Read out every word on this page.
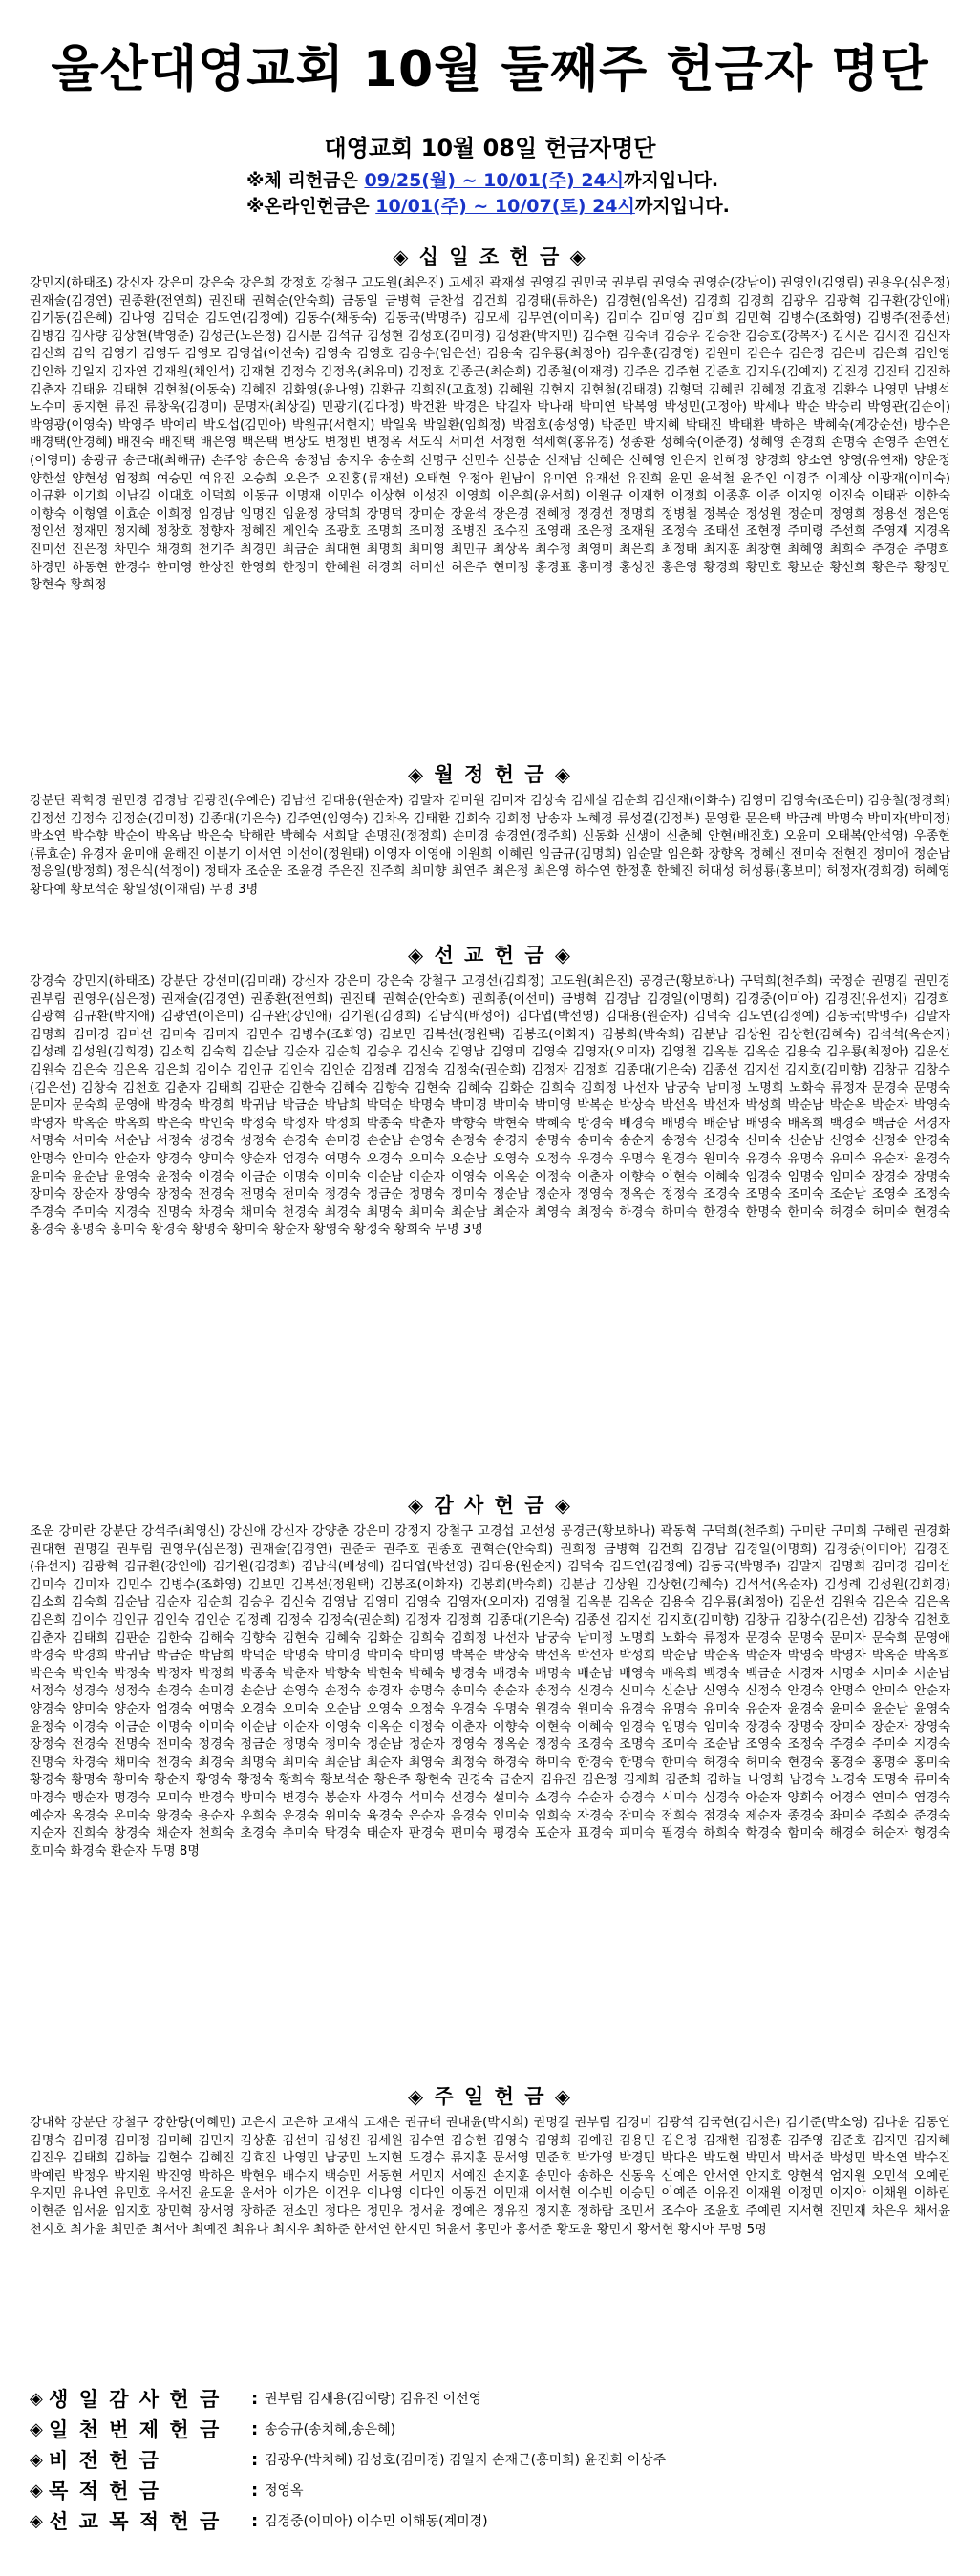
울산대영교회 10월 둘째주 헌금자 명단
대영교회 10월 08일 헌금자명단
※체 리헌금은 09/25(월) ~ 10/01(주) 24시까지입니다.
※온라인헌금은 10/01(주) ~ 10/07(토) 24시까지입니다.
◈ 십 일 조 헌 금 ◈
강민지(하태조) 강신자 강은미 강은숙 강은희 강정호 강철구 고도원(최은진) 고세진 곽재설 권영길 권민국 권부림 권영숙 권영순(강남이) 권영인(김영림) 권용우(심은정) 권재술(김경연) 권종환(전연희) 권진태 권혁순(안숙희) 금동일 금병혁 금찬섭 김건희 김경태(류하은) 김경현(임옥선) 김경희 김경희 김광우 김광혁 김규환(강인애) 김기동(김은혜) 김나영 김덕순 김도연(김정예) 김동수(채동숙) 김동국(박명주) 김모세 김무연(이미옥) 김미수 김미영 김미희 김민혁 김병수(조화영) 김병주(전종선) 김병김 김사량 김상현(박영준) 김성근(노은정) 김시분 김석규 김성현 김성호(김미경) 김성환(박지민) 김수현 김숙녀 김승우 김승찬 김승호(강복자) 김시은 김시진 김신자 김신희 김익 김영기 김영두 김영모 김영섭(이선숙) 김영숙 김영호 김용수(임은선) 김용숙 김우룡(최정아) 김우훈(김경영) 김원미 김은수 김은정 김은비 김은희 김인영 김인하 김일지 김자연 김재원(채인석) 김재현 김정숙 김정옥(최유미) 김정호 김종근(최순희) 김종철(이재경) 김주은 김주현 김준호 김지우(김예지) 김진경 김진태 김진하 김춘자 김태윤 김태현 김현철(이동숙) 김혜진 김화영(윤나영) 김환규 김희진(고효정) 김혜원 김현지 김현철(김태경) 김형덕 김혜린 김혜정 김효정 김환수 나영민 남병석 노수미 동지현 류진 류창욱(김경미) 문명자(최상길) 민광기(김다정) 박건환 박경은 박길자 박나래 박미연 박복영 박성민(고정아) 박세나 박순 박승리 박영관(김순이) 박영광(이영숙) 박영주 박예리 박오섭(김민아) 박원규(서현지) 박일욱 박일환(임희정) 박점호(송성영) 박준민 박지혜 박태진 박태환 박하은 박혜숙(계강순선) 방수은 배경택(안경혜) 배진숙 배진택 배은영 백은택 변상도 변정빈 변정옥 서도식 서미선 서정헌 석세혁(홍유경) 성종환 성혜숙(이춘경) 성혜영 손경희 손명숙 손영주 손연선(이영미) 송광규 송근대(최해규) 손주양 송은옥 송정남 송지우 송순희 신명구 신민수 신봉순 신재남 신혜은 신혜영 안은지 안혜정 양경희 양소연 양영(유연재) 양운정 양한설 양현성 엄정희 여승민 여유진 오승희 오은주 오진홍(류재선) 오태현 우정아 원남이 유미연 유재선 유진희 윤민 윤석철 윤주인 이경주 이계상 이광재(이미숙) 이규환 이기희 이남길 이대호 이덕희 이동규 이명재 이민수 이상현 이성진 이영희 이은희(윤서희) 이원규 이재헌 이정희 이종훈 이준 이지영 이진숙 이태관 이한숙 이향숙 이형열 이효순 이희정 임경남 임명진 임윤정 장덕희 장명덕 장미순 장윤석 장은경 전혜정 정경선 정명희 정병철 정복순 정성원 정순미 정영희 정용선 정은영 정인선 정재민 정지혜 정창호 정향자 정혜진 제인숙 조광호 조명희 조미정 조병진 조수진 조영래 조은정 조재원 조정숙 조태선 조현정 주미령 주선희 주영재 지경옥 진미선 진은정 차민수 채경희 천기주 최경민 최금순 최대현 최명희 최미영 최민규 최상옥 최수정 최영미 최은희 최정태 최지훈 최창현 최혜영 최희숙 추경순 추명희 하경민 하동현 한경수 한미영 한상진 한영희 한정미 한혜원 허경희 허미선 허은주 현미정 홍경표 홍미경 홍성진 홍은영 황경희 황민호 황보순 황선희 황은주 황정민 황현숙 황희정
◈ 월 정 헌 금 ◈
강분단 곽학경 권민경 김경남 김광진(우예은) 김남선 김대용(원순자) 김말자 김미원 김미자 김상숙 김세실 김순희 김신재(이화수) 김영미 김영숙(조은미) 김용철(정경희) 김정선 김정숙 김정순(김미정) 김종대(기은숙) 김주연(임영숙) 김차옥 김태환 김희숙 김희정 남송자 노혜경 류성걸(김정복) 문영환 문은택 박금례 박명숙 박미자(박미정) 박소연 박수향 박순이 박옥남 박은숙 박해란 박혜숙 서희달 손명진(정정희) 손미경 송경연(정주희) 신동화 신생이 신춘혜 안현(배진호) 오윤미 오태복(안석영) 우종현(류효순) 유경자 윤미애 윤해진 이분기 이서연 이선이(정원태) 이영자 이영애 이원희 이혜린 임금규(김명희) 임순말 임은화 장향옥 정혜신 전미숙 전현진 정미애 정순남 정응일(방정희) 정은식(석정이) 정태자 조순운 조윤경 주은진 진주희 최미향 최연주 최은정 최은영 하수연 한정훈 한혜진 허대성 허성룡(홍보미) 허정자(경희경) 허혜영 황다예 황보석순 황일성(이재림) 무명 3명
◈ 선 교 헌 금 ◈
강경숙 강민지(하태조) 강분단 강선미(김미래) 강신자 강은미 강은숙 강철구 고경선(김희정) 고도원(최은진) 공경근(황보하나) 구덕희(천주희) 국정순 권명길 권민경 권부림 권영우(심은정) 권재술(김경연) 권종환(전연희) 권진태 권혁순(안숙희) 권희종(이선미) 금병혁 김경남 김경일(이명희) 김경중(이미아) 김경진(유선지) 김경희 김광혁 김규환(박지애) 김광연(이은미) 김규완(강인애) 김기원(김경희) 김남식(배성애) 김다엽(박선영) 김대용(원순자) 김덕숙 김도연(김정예) 김동국(박명주) 김말자 김명희 김미경 김미선 김미숙 김미자 김민수 김병수(조화영) 김보민 김복선(정원택) 김봉조(이화자) 김봉희(박숙희) 김분남 김상원 김상헌(김혜숙) 김석석(옥순자) 김성례 김성원(김희경) 김소희 김숙희 김순남 김순자 김순희 김승우 김신숙 김영남 김영미 김영숙 김영자(오미자) 김영철 김옥분 김옥순 김용숙 김우룡(최정아) 김운선 김원숙 김은숙 김은옥 김은희 김이수 김인규 김인숙 김인순 김정례 김정숙 김정숙(권순희) 김정자 김정희 김종대(기은숙) 김종선 김지선 김지호(김미향) 김창규 김창수(김은선) 김창숙 김천호 김춘자 김태희 김판순 김한숙 김해숙 김향숙 김현숙 김혜숙 김화순 김희숙 김희정 나선자 남궁숙 남미정 노명희 노화숙 류정자 문경숙 문명숙 문미자 문숙희 문영애 박경숙 박경희 박귀남 박금순 박남희 박덕순 박명숙 박미경 박미숙 박미영 박복순 박상숙 박선옥 박선자 박성희 박순남 박순옥 박순자 박영숙 박영자 박옥순 박옥희 박은숙 박인숙 박정숙 박정자 박정희 박종숙 박춘자 박향숙 박현숙 박혜숙 방경숙 배경숙 배명숙 배순남 배영숙 배옥희 백경숙 백금순 서경자 서명숙 서미숙 서순남 서정숙 성경숙 성정숙 손경숙 손미경 손순남 손영숙 손정숙 송경자 송명숙 송미숙 송순자 송정숙 신경숙 신미숙 신순남 신영숙 신정숙 안경숙 안명숙 안미숙 안순자 양경숙 양미숙 양순자 엄경숙 여명숙 오경숙 오미숙 오순남 오영숙 오정숙 우경숙 우명숙 원경숙 원미숙 유경숙 유명숙 유미숙 유순자 윤경숙 윤미숙 윤순남 윤영숙 윤정숙 이경숙 이금순 이명숙 이미숙 이순남 이순자 이영숙 이옥순 이정숙 이춘자 이향숙 이현숙 이혜숙 임경숙 임명숙 임미숙 장경숙 장명숙 장미숙 장순자 장영숙 장정숙 전경숙 전명숙 전미숙 정경숙 정금순 정명숙 정미숙 정순남 정순자 정영숙 정옥순 정정숙 조경숙 조명숙 조미숙 조순남 조영숙 조정숙 주경숙 주미숙 지경숙 진명숙 차경숙 채미숙 천경숙 최경숙 최명숙 최미숙 최순남 최순자 최영숙 최정숙 하경숙 하미숙 한경숙 한명숙 한미숙 허경숙 허미숙 현경숙 홍경숙 홍명숙 홍미숙 황경숙 황명숙 황미숙 황순자 황영숙 황정숙 황희숙 무명 3명
◈ 감 사 헌 금 ◈
조운 강미란 강분단 강석주(최영신) 강신애 강신자 강양춘 강은미 강정지 강철구 고경섭 고선성 공경근(황보하나) 곽동혁 구덕희(천주희) 구미란 구미희 구해린 권경화 권대현 권명길 권부림 권영우(심은정) 권재술(김경연) 권준국 권주호 권종호 권혁순(안숙희) 권희정 금병혁 김건희 김경남 김경일(이명희) 김경중(이미아) 김경진(유선지) 김광혁 김규환(강인애) 김기원(김경희) 김남식(배성애) 김다엽(박선영) 김대용(원순자) 김덕숙 김도연(김정예) 김동국(박명주) 김말자 김명희 김미경 김미선 김미숙 김미자 김민수 김병수(조화영) 김보민 김복선(정원택) 김봉조(이화자) 김봉희(박숙희) 김분남 김상원 김상헌(김혜숙) 김석석(옥순자) 김성례 김성원(김희경) 김소희 김숙희 김순남 김순자 김순희 김승우 김신숙 김영남 김영미 김영숙 김영자(오미자) 김영철 김옥분 김옥순 김용숙 김우룡(최정아) 김운선 김원숙 김은숙 김은옥 김은희 김이수 김인규 김인숙 김인순 김정례 김정숙 김정숙(권순희) 김정자 김정희 김종대(기은숙) 김종선 김지선 김지호(김미향) 김창규 김창수(김은선) 김창숙 김천호 김춘자 김태희 김판순 김한숙 김해숙 김향숙 김현숙 김혜숙 김화순 김희숙 김희정 나선자 남궁숙 남미정 노명희 노화숙 류정자 문경숙 문명숙 문미자 문숙희 문영애 박경숙 박경희 박귀남 박금순 박남희 박덕순 박명숙 박미경 박미숙 박미영 박복순 박상숙 박선옥 박선자 박성희 박순남 박순옥 박순자 박영숙 박영자 박옥순 박옥희 박은숙 박인숙 박정숙 박정자 박정희 박종숙 박춘자 박향숙 박현숙 박혜숙 방경숙 배경숙 배명숙 배순남 배영숙 배옥희 백경숙 백금순 서경자 서명숙 서미숙 서순남 서정숙 성경숙 성정숙 손경숙 손미경 손순남 손영숙 손정숙 송경자 송명숙 송미숙 송순자 송정숙 신경숙 신미숙 신순남 신영숙 신정숙 안경숙 안명숙 안미숙 안순자 양경숙 양미숙 양순자 엄경숙 여명숙 오경숙 오미숙 오순남 오영숙 오정숙 우경숙 우명숙 원경숙 원미숙 유경숙 유명숙 유미숙 유순자 윤경숙 윤미숙 윤순남 윤영숙 윤정숙 이경숙 이금순 이명숙 이미숙 이순남 이순자 이영숙 이옥순 이정숙 이춘자 이향숙 이현숙 이혜숙 임경숙 임명숙 임미숙 장경숙 장명숙 장미숙 장순자 장영숙 장정숙 전경숙 전명숙 전미숙 정경숙 정금순 정명숙 정미숙 정순남 정순자 정영숙 정옥순 정정숙 조경숙 조명숙 조미숙 조순남 조영숙 조정숙 주경숙 주미숙 지경숙 진명숙 차경숙 채미숙 천경숙 최경숙 최명숙 최미숙 최순남 최순자 최영숙 최정숙 하경숙 하미숙 한경숙 한명숙 한미숙 허경숙 허미숙 현경숙 홍경숙 홍명숙 홍미숙 황경숙 황명숙 황미숙 황순자 황영숙 황정숙 황희숙 황보석순 황은주 황현숙 권경숙 금순자 김유진 김은정 김재희 김준희 김하늘 나영희 남경숙 노경숙 도명숙 류미숙 마경숙 맹순자 명경숙 모미숙 반경숙 방미숙 변경숙 봉순자 사경숙 석미숙 선경숙 설미숙 소경숙 수순자 승경숙 시미숙 심경숙 아순자 양희숙 어경숙 연미숙 염경숙 예순자 옥경숙 온미숙 왕경숙 용순자 우희숙 운경숙 위미숙 육경숙 은순자 음경숙 인미숙 임희숙 자경숙 잠미숙 전희숙 점경숙 제순자 종경숙 좌미숙 주희숙 준경숙 지순자 진희숙 창경숙 채순자 천희숙 초경숙 추미숙 탁경숙 태순자 판경숙 편미숙 평경숙 포순자 표경숙 피미숙 필경숙 하희숙 학경숙 함미숙 해경숙 허순자 형경숙 호미숙 화경숙 환순자 무명 8명
◈ 주 일 헌 금 ◈
강대학 강분단 강철구 강한량(이혜민) 고은지 고은하 고재식 고재은 권규태 권대윤(박지희) 권명길 권부림 김경미 김광석 김국현(김시은) 김기준(박소영) 김다윤 김동연 김명숙 김미경 김미정 김미혜 김민지 김상훈 김선미 김성진 김세원 김수연 김승현 김영숙 김영희 김예진 김용민 김은정 김재현 김정훈 김주영 김준호 김지민 김지혜 김진우 김태희 김하늘 김현수 김혜진 김효진 나영민 남궁민 노지현 도경수 류지훈 문서영 민준호 박가영 박경민 박다은 박도현 박민서 박서준 박성민 박소연 박수진 박예린 박정우 박지원 박진영 박하은 박현우 배수지 백승민 서동현 서민지 서예진 손지훈 송민아 송하은 신동욱 신예은 안서연 안지호 양현석 엄지원 오민석 오예린 우지민 유나연 유민호 유서진 윤도윤 윤서아 이가은 이건우 이나영 이다인 이동건 이민재 이서현 이수빈 이승민 이예준 이유진 이재원 이정민 이지아 이채원 이하린 이현준 임서윤 임지호 장민혁 장서영 장하준 전소민 정다은 정민우 정서윤 정예은 정유진 정지훈 정하람 조민서 조수아 조윤호 주예린 지서현 진민재 차은우 채서윤 천지호 최가윤 최민준 최서아 최예진 최유나 최지우 최하준 한서연 한지민 허윤서 홍민아 홍서준 황도윤 황민지 황서현 황지아 무명 5명
◈ 생 일 감 사 헌 금	: 권부림 김새용(김예랑) 김유진 이선영
◈ 일 천 번 제 헌 금	: 송승규(송치혜,송은혜)
◈ 비 전 헌 금	: 김광우(박치혜) 김성호(김미경) 김일지 손재근(홍미희) 윤진회 이상주
◈ 목 적 헌 금	: 정영옥
◈ 선 교 목 적 헌 금	: 김경중(이미아) 이수민 이해동(계미경)
